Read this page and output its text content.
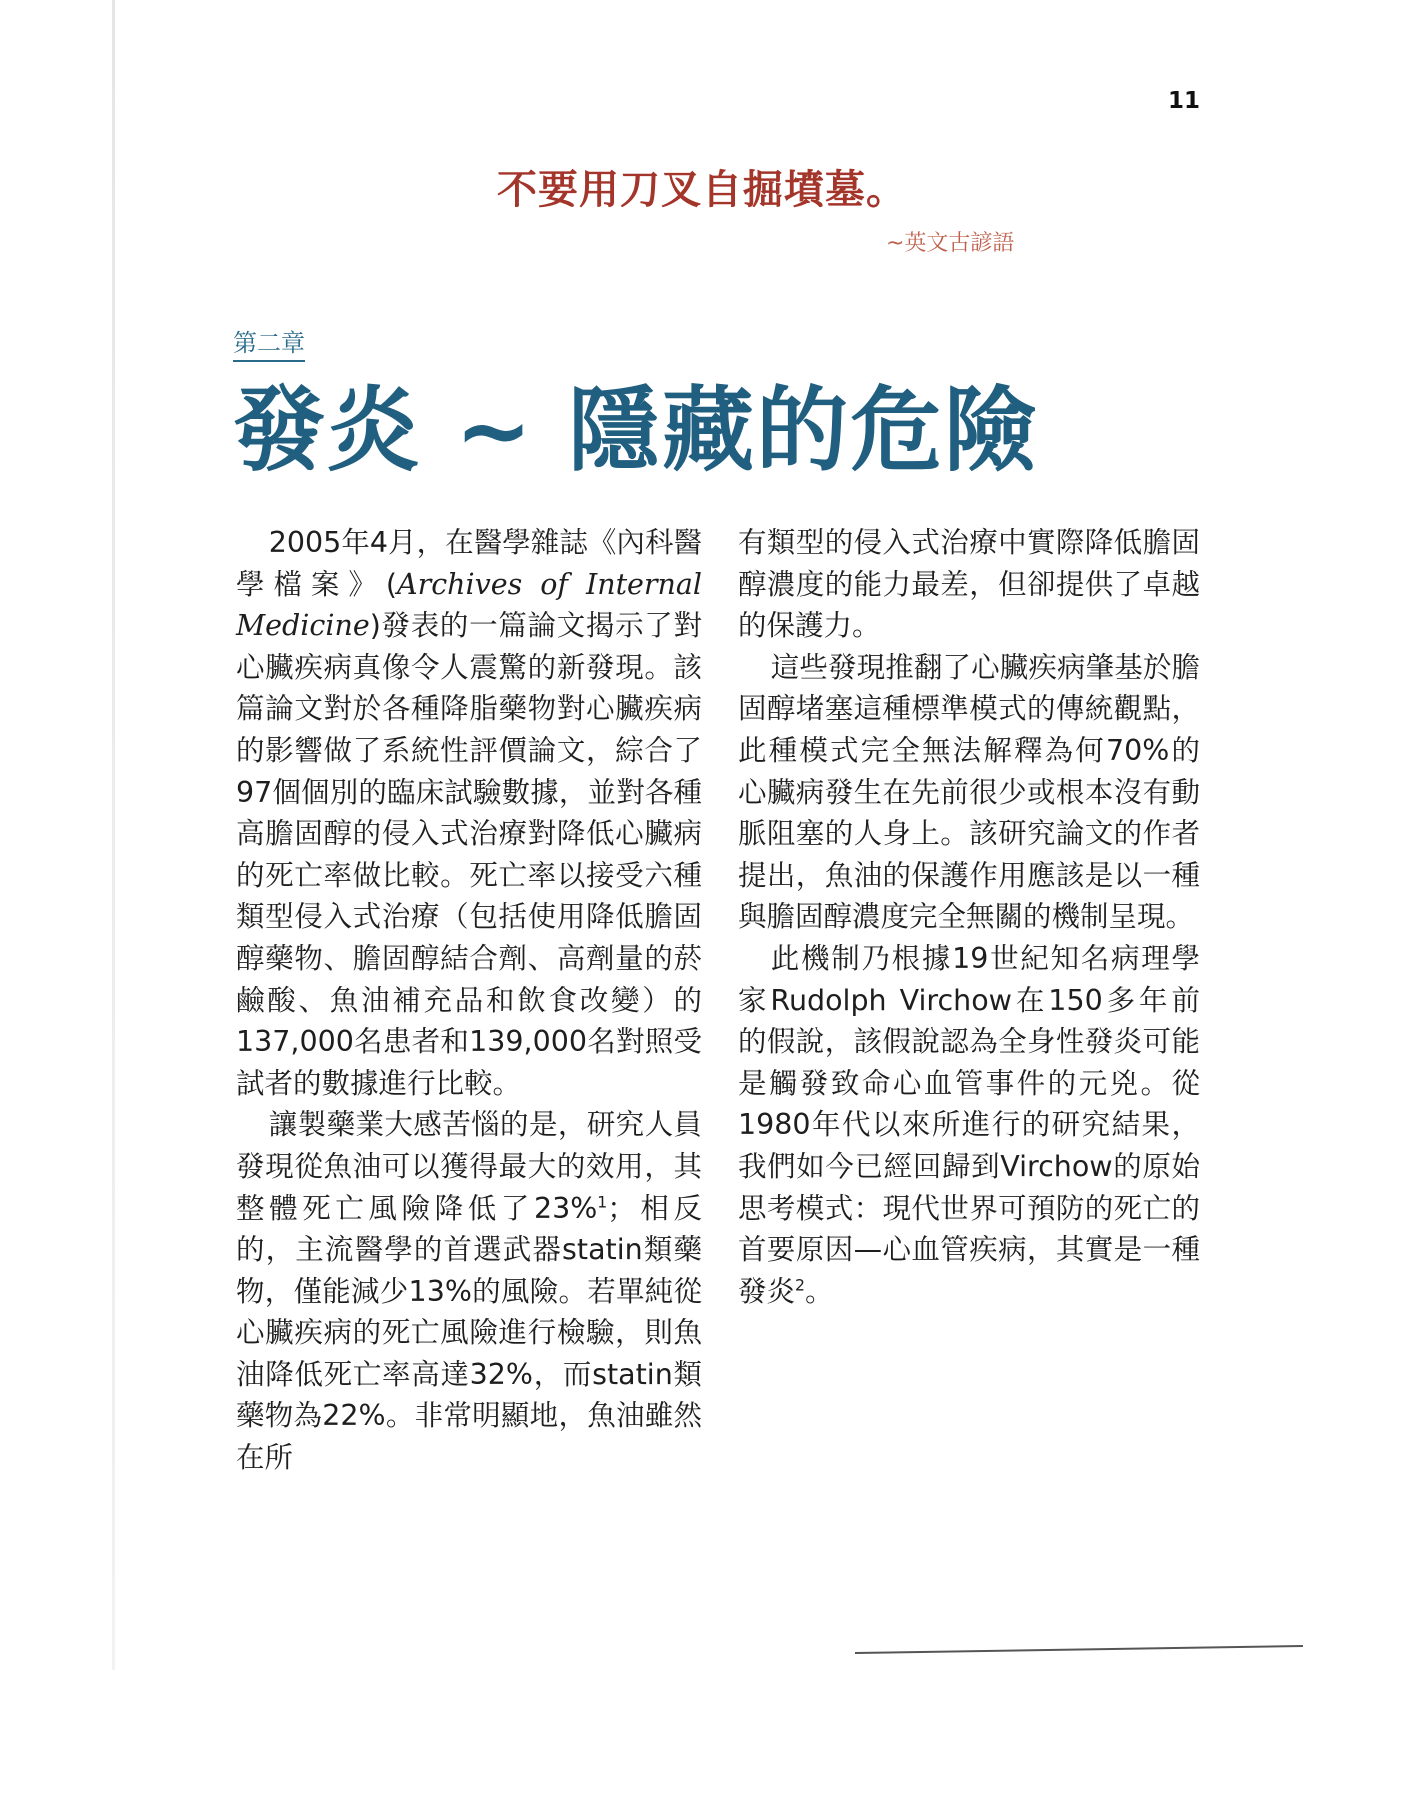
11
不要用刀叉自掘墳墓。
~英文古諺語
第二章
發炎 ~ 隱藏的危險

2005年4月，在醫學雜誌《內科醫學檔案》(Archives of Internal Medicine)發表的一篇論文揭示了對心臟疾病真像令人震驚的新發現。該篇論文對於各種降脂藥物對心臟疾病的影響做了系統性評價論文，綜合了97個個別的臨床試驗數據，並對各種高膽固醇的侵入式治療對降低心臟病的死亡率做比較。死亡率以接受六種類型侵入式治療（包括使用降低膽固醇藥物、膽固醇結合劑、高劑量的菸鹼酸、魚油補充品和飲食改變）的137,000名患者和139,000名對照受試者的數據進行比較。

讓製藥業大感苦惱的是，研究人員發現從魚油可以獲得最大的效用，其整體死亡風險降低了23%$^1$；相反的，主流醫學的首選武器statin類藥物，僅能減少13%的風險。若單純從心臟疾病的死亡風險進行檢驗，則魚油降低死亡率高達32%，而statin類藥物為22%。非常明顯地，魚油雖然在所

有類型的侵入式治療中實際降低膽固醇濃度的能力最差，但卻提供了卓越的保護力。

這些發現推翻了心臟疾病肇基於膽固醇堵塞這種標準模式的傳統觀點，此種模式完全無法解釋為何70%的心臟病發生在先前很少或根本沒有動脈阻塞的人身上。該研究論文的作者提出，魚油的保護作用應該是以一種與膽固醇濃度完全無關的機制呈現。

此機制乃根據19世紀知名病理學家Rudolph Virchow在150多年前的假說，該假說認為全身性發炎可能是觸發致命心血管事件的元兇。從1980年代以來所進行的研究結果，我們如今已經回歸到Virchow的原始思考模式：現代世界可預防的死亡的首要原因—心血管疾病，其實是一種發炎$^2$。
